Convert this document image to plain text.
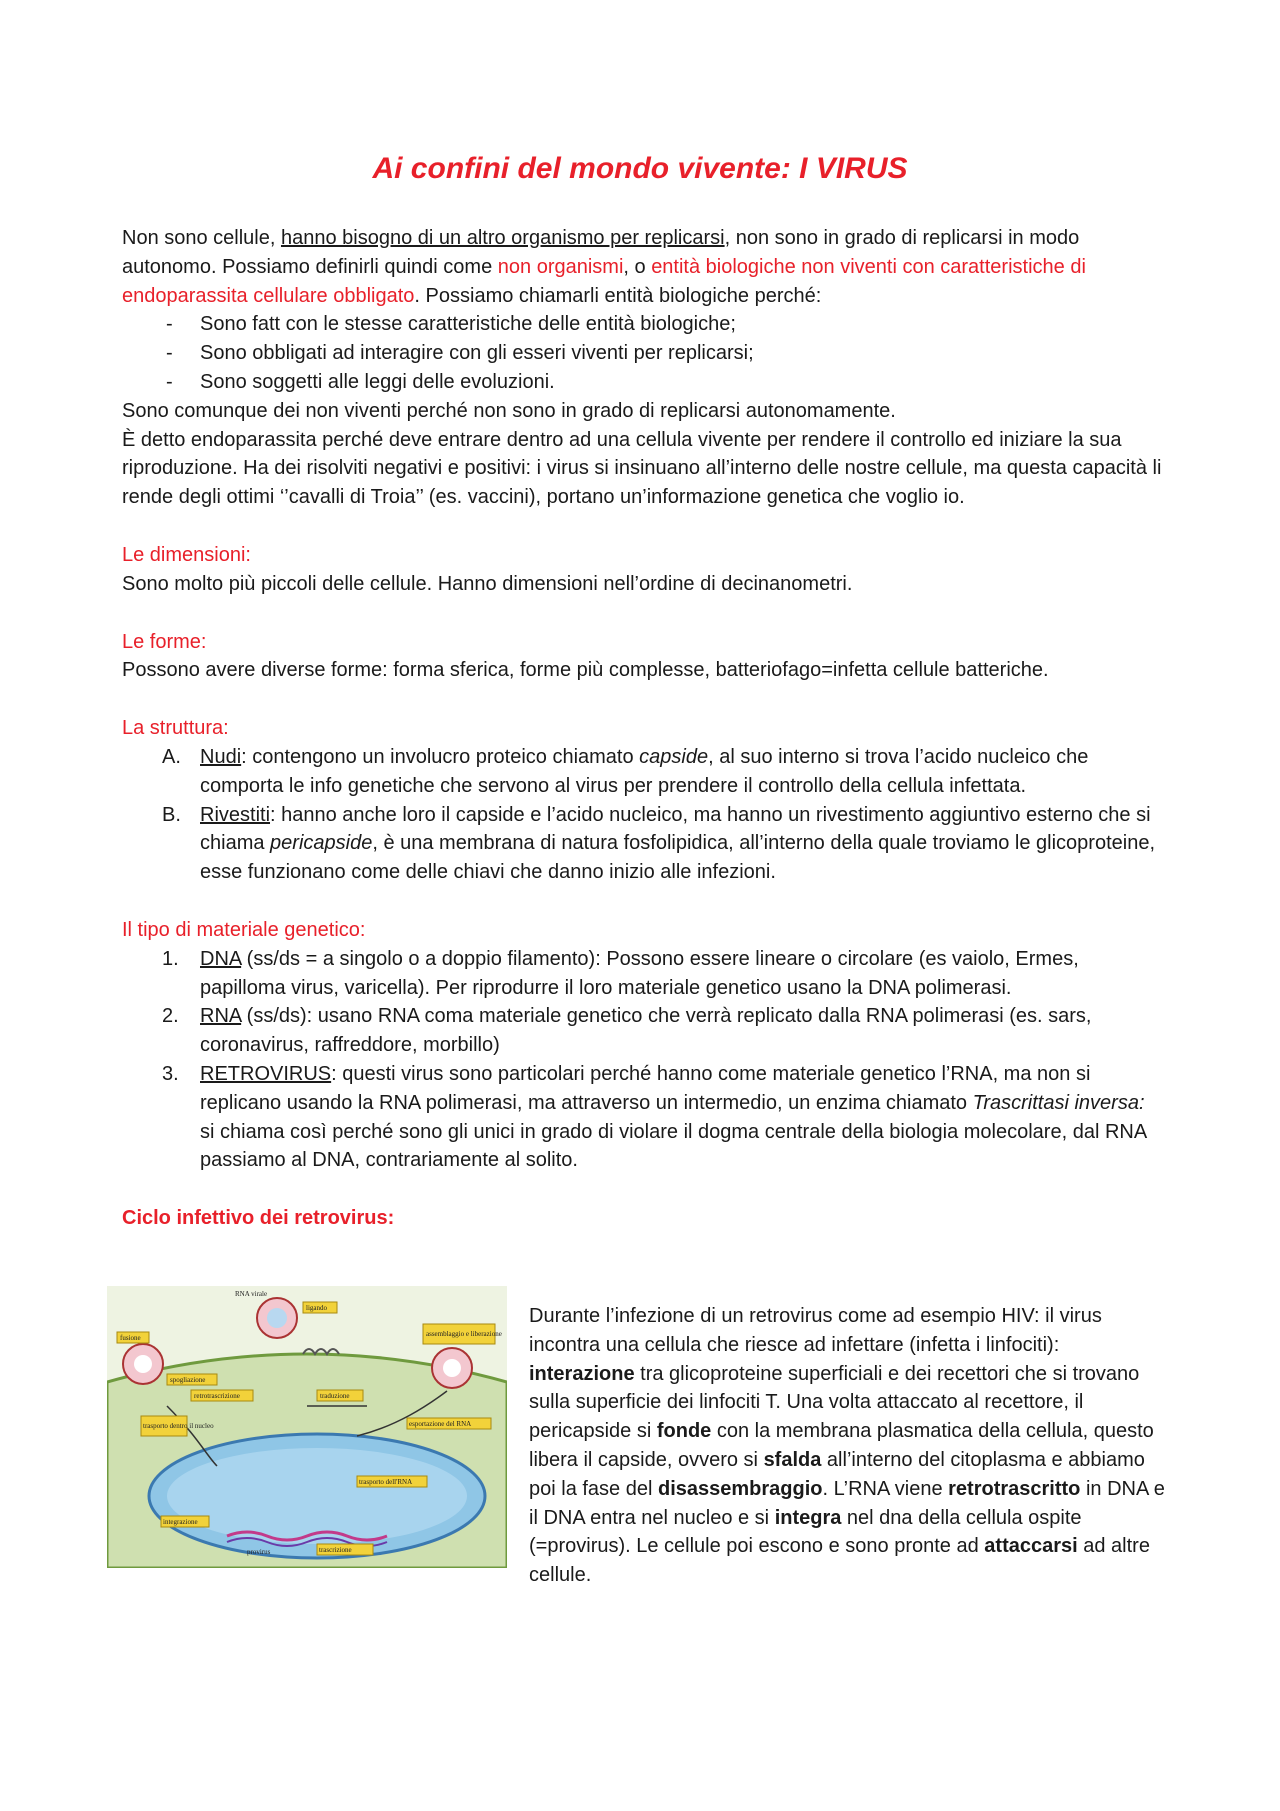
Ai confini del mondo vivente: I VIRUS

Non sono cellule, hanno bisogno di un altro organismo per replicarsi, non sono in grado di replicarsi in modo autonomo. Possiamo definirli quindi come non organismi, o entità biologiche non viventi con caratteristiche di endoparassita cellulare obbligato. Possiamo chiamarli entità biologiche perché:

- Sono fatt con le stesse caratteristiche delle entità biologiche;
- Sono obbligati ad interagire con gli esseri viventi per replicarsi;
- Sono soggetti alle leggi delle evoluzioni.

Sono comunque dei non viventi perché non sono in grado di replicarsi autonomamente.

È detto endoparassita perché deve entrare dentro ad una cellula vivente per rendere il controllo ed iniziare la sua riproduzione. Ha dei risolviti negativi e positivi: i virus si insinuano all’interno delle nostre cellule, ma questa capacità li rende degli ottimi ‘’cavalli di Troia’’ (es. vaccini), portano un’informazione genetica che voglio io.

Le dimensioni:

Sono molto più piccoli delle cellule. Hanno dimensioni nell’ordine di decinanometri.

Le forme:

Possono avere diverse forme: forma sferica, forme più complesse, batteriofago=infetta cellule batteriche.

La struttura:

A. Nudi: contengono un involucro proteico chiamato capside, al suo interno si trova l’acido nucleico che comporta le info genetiche che servono al virus per prendere il controllo della cellula infettata.
B. Rivestiti: hanno anche loro il capside e l’acido nucleico, ma hanno un rivestimento aggiuntivo esterno che si chiama pericapside, è una membrana di natura fosfolipidica, all’interno della quale troviamo le glicoproteine, esse funzionano come delle chiavi che danno inizio alle infezioni.

Il tipo di materiale genetico:

1. DNA (ss/ds = a singolo o a doppio filamento): Possono essere lineare o circolare (es vaiolo, Ermes, papilloma virus, varicella). Per riprodurre il loro materiale genetico usano la DNA polimerasi.
2. RNA (ss/ds): usano RNA coma materiale genetico che verrà replicato dalla RNA polimerasi (es. sars, coronavirus, raffreddore, morbillo)
3. RETROVIRUS: questi virus sono particolari perché hanno come materiale genetico l’RNA, ma non si replicano usando la RNA polimerasi, ma attraverso un intermedio, un enzima chiamato Trascrittasi inversa: si chiama così perché sono gli unici in grado di violare il dogma centrale della biologia molecolare, dal RNA passiamo al DNA, contrariamente al solito.

Ciclo infettivo dei retrovirus:

RNA virale
ligando
fusione	assemblaggio e liberazione
spogliazione
retrotrascrizione	traduzione
trasporto dentro il nucleo	esportazione del RNA
trasporto dell'RNA
integrazione
provirus	trascrizione

Durante l’infezione di un retrovirus come ad esempio HIV: il virus incontra una cellula che riesce ad infettare (infetta i linfociti): interazione tra glicoproteine superficiali e dei recettori che si trovano sulla superficie dei linfociti T. Una volta attaccato al recettore, il pericapside si fonde con la membrana plasmatica della cellula, questo libera il capside, ovvero si sfalda all’interno del citoplasma e abbiamo poi la fase del disassembraggio. L’RNA viene retrotrascritto in DNA e il DNA entra nel nucleo e si integra nel dna della cellula ospite (=provirus). Le cellule poi escono e sono pronte ad attaccarsi ad altre cellule.
